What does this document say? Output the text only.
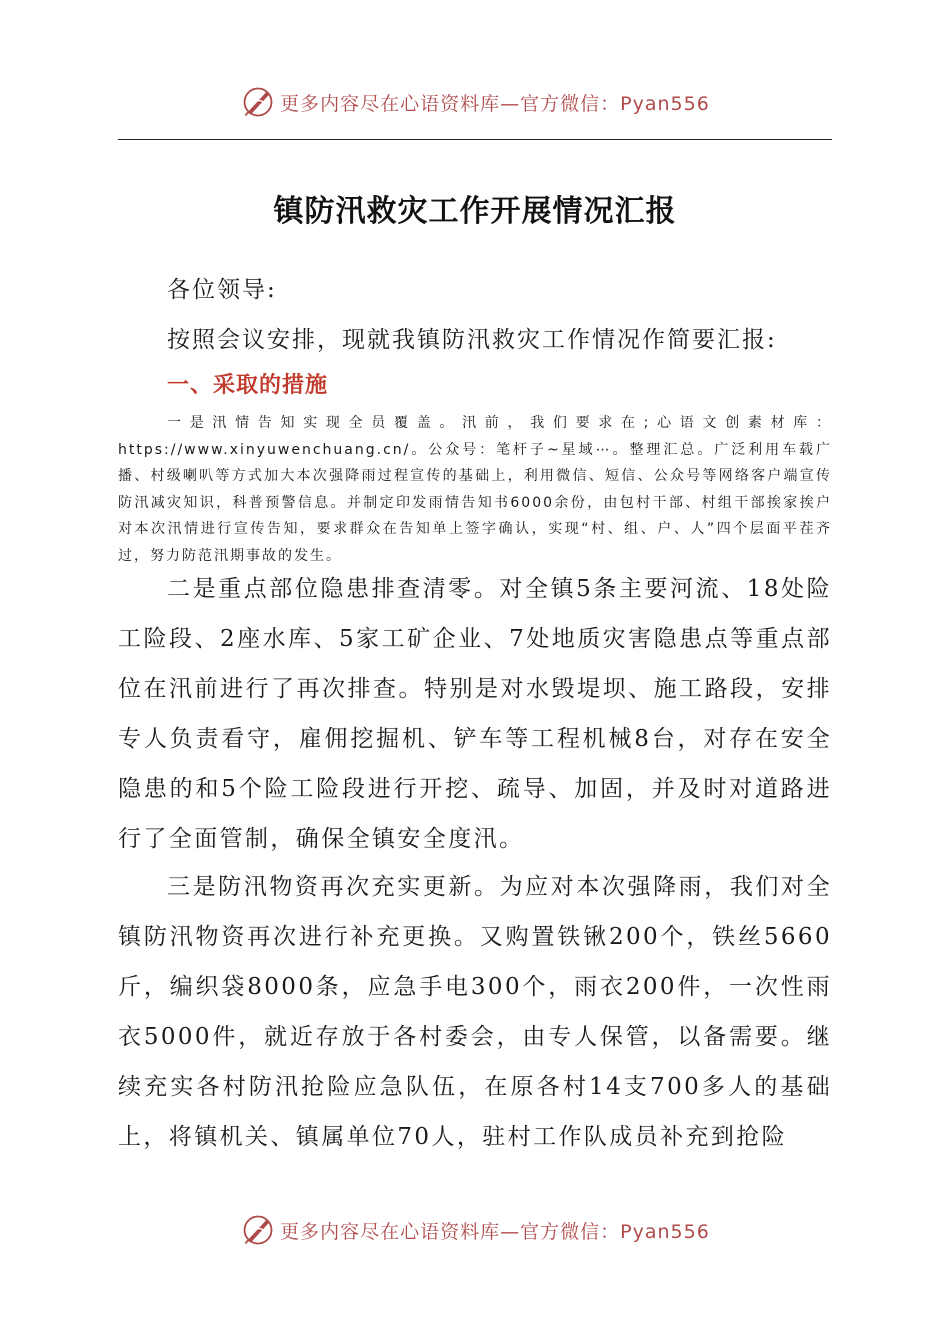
更多内容尽在心语资料库—官方微信：Pyan556
镇防汛救灾工作开展情况汇报

各位领导:

按照会议安排，现就我镇防汛救灾工作情况作简要汇报:

一、采取的措施

一是汛情告知实现全员覆盖。汛前，我们要求在;心语文创素材库：https://www.xinyuwenchuang.cn/。公众号：笔杆子~星域⋯。整理汇总。广泛利用车载广播、村级喇叭等方式加大本次强降雨过程宣传的基础上，利用微信、短信、公众号等网络客户端宣传防汛减灾知识，科普预警信息。并制定印发雨情告知书6000余份，由包村干部、村组干部挨家挨户对本次汛情进行宣传告知，要求群众在告知单上签字确认，实现“村、组、户、人”四个层面平茬齐过，努力防范汛期事故的发生。

二是重点部位隐患排查清零。对全镇5条主要河流、18处险工险段、2座水库、5家工矿企业、7处地质灾害隐患点等重点部位在汛前进行了再次排查。特别是对水毁堤坝、施工路段，安排专人负责看守，雇佣挖掘机、铲车等工程机械8台，对存在安全隐患的和5个险工险段进行开挖、疏导、加固，并及时对道路进行了全面管制，确保全镇安全度汛。

三是防汛物资再次充实更新。为应对本次强降雨，我们对全镇防汛物资再次进行补充更换。又购置铁锹200个，铁丝5660斤，编织袋8000条，应急手电300个，雨衣200件，一次性雨衣5000件，就近存放于各村委会，由专人保管，以备需要。继续充实各村防汛抢险应急队伍，在原各村14支700多人的基础上，将镇机关、镇属单位70人，驻村工作队成员补充到抢险

更多内容尽在心语资料库—官方微信：Pyan556
